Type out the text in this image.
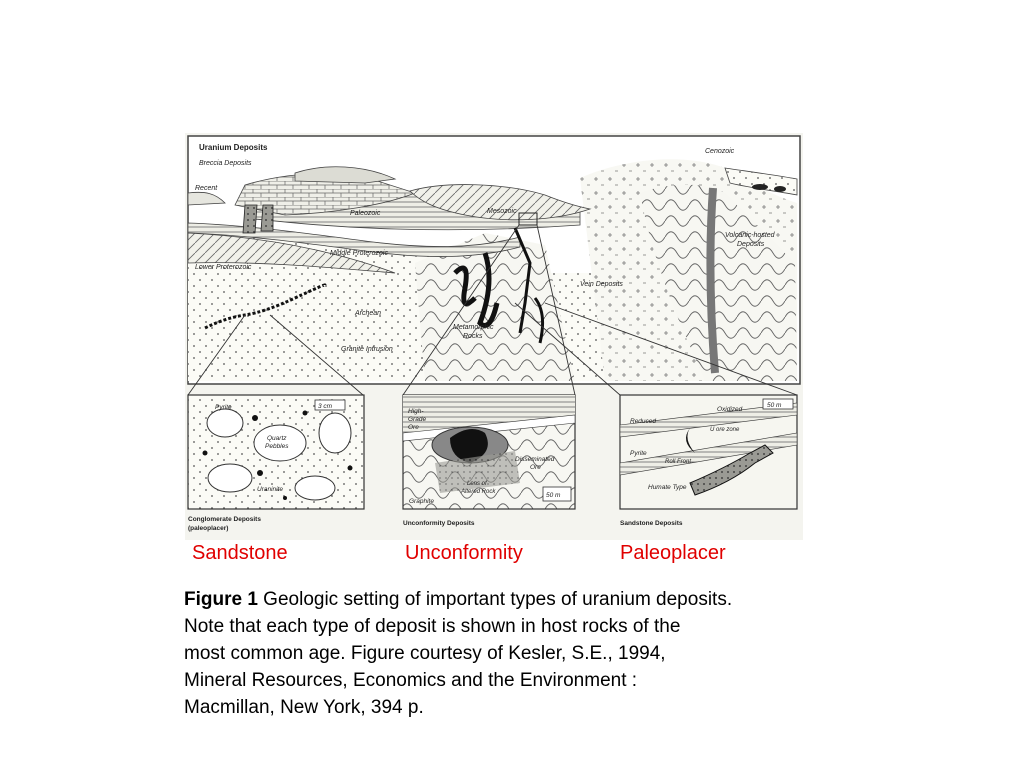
Uranium Deposits
Breccia Deposits
Recent
Cenozoic
Paleozoic	Mesozoic
Middle Proterozoic
Lower Proterozoic
Archean
Granite Intrusion
Metamorphic
Rocks
Vein Deposits
Volcanic-hosted
Deposits
3 cm
Pyrite
Quartz
Pebbles
Uraninite
Conglomerate Deposits
(paleoplacer)
High-
Grade
Ore
Disseminated
Ore
Graphite
Lens of
Altered Rock	50 m
Unconformity Deposits
50 m
Reduced
Oxidized
U ore zone
Roll Front
Pyrite
Humate Type
Sandstone Deposits
Sandstone	Unconformity	Paleoplacer
Figure 1 Geologic setting of important types of uranium deposits.
Note that each type of deposit is shown in host rocks of the
most common age. Figure courtesy of Kesler, S.E., 1994,
Mineral Resources, Economics and the Environment :
Macmillan, New York, 394 p.
